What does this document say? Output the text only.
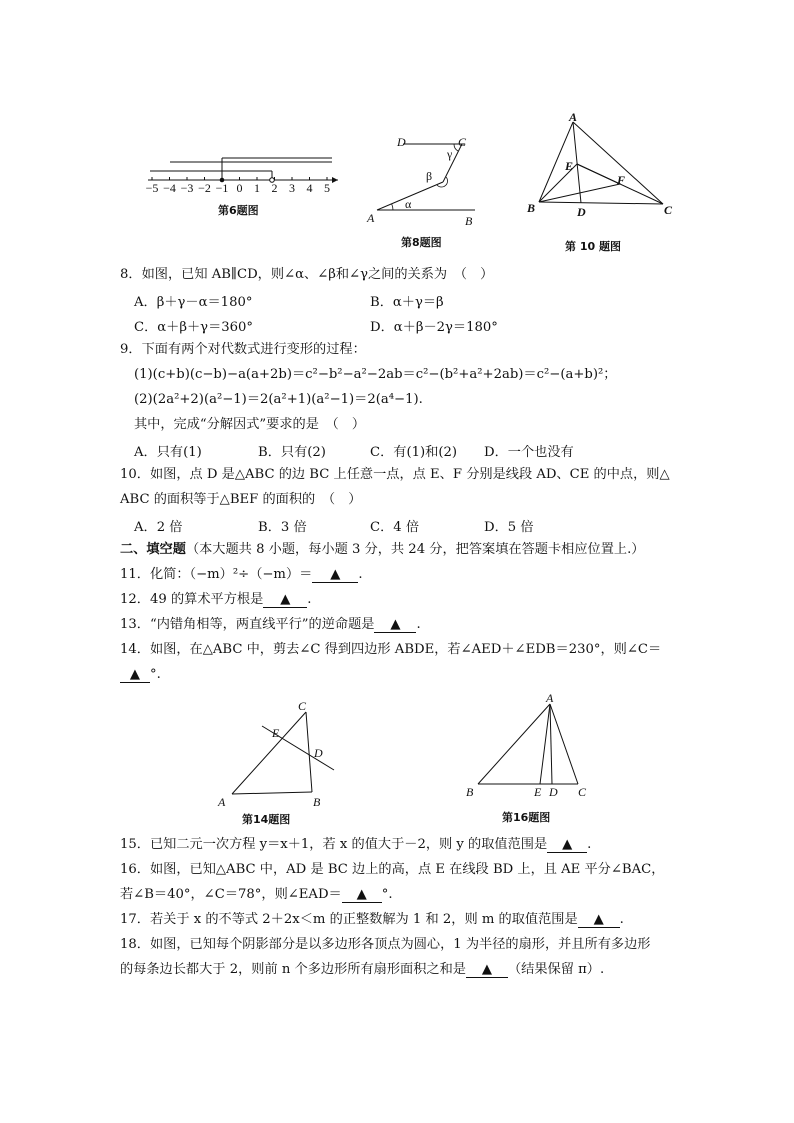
−5 −4 −3 −2 −1 0 1 2 3 4 5
第6题图
D	C
A	B
α
β
γ
第8题图
A
B	C
D
E
F
第 10 题图
8．如图，已知 AB∥CD，则∠α、∠β和∠γ之间的关系为　（　）
A．β＋γ－α＝180°	B．α＋γ＝β
C．α＋β＋γ＝360°	D．α＋β－2γ＝180°
9．下面有两个对代数式进行变形的过程：
(1)(c+b)(c−b)−a(a+2b)＝c²−b²−a²−2ab＝c²−(b²+a²+2ab)＝c²−(a+b)²；
(2)(2a²+2)(a²−1)＝2(a²+1)(a²−1)＝2(a⁴−1).
其中，完成“分解因式”要求的是　（　）
A．只有(1)	B．只有(2)	C．有(1)和(2) D．一个也没有
10．如图，点 D 是△ABC 的边 BC 上任意一点，点 E、F 分别是线段 AD、CE 的中点，则△
ABC 的面积等于△BEF 的面积的　（　）
A．2 倍	B．3 倍	C．4 倍	D．5 倍
二、填空题（本大题共 8 小题，每小题 3 分，共 24 分，把答案填在答题卡相应位置上.）
11．化简：（−m）²÷（−m）＝ ▲ .
12．49 的算术平方根是 ▲ .
13．“内错角相等，两直线平行”的逆命题是 ▲ .
14．如图，在△ABC 中，剪去∠C 得到四边形 ABDE，若∠AED＋∠EDB＝230°，则∠C＝
▲ °.
C
E
D
A	B
第14题图
A
B	E D C
第16题图
15．已知二元一次方程 y＝x＋1，若 x 的值大于－2，则 y 的取值范围是 ▲ .
16．如图，已知△ABC 中，AD 是 BC 边上的高，点 E 在线段 BD 上，且 AE 平分∠BAC，
若∠B＝40°，∠C＝78°，则∠EAD＝ ▲ °.
17．若关于 x 的不等式 2＋2x＜m 的正整数解为 1 和 2，则 m 的取值范围是 ▲ .
18．如图，已知每个阴影部分是以多边形各顶点为圆心，1 为半径的扇形，并且所有多边形
的每条边长都大于 2，则前 n 个多边形所有扇形面积之和是 ▲ （结果保留 π）.
